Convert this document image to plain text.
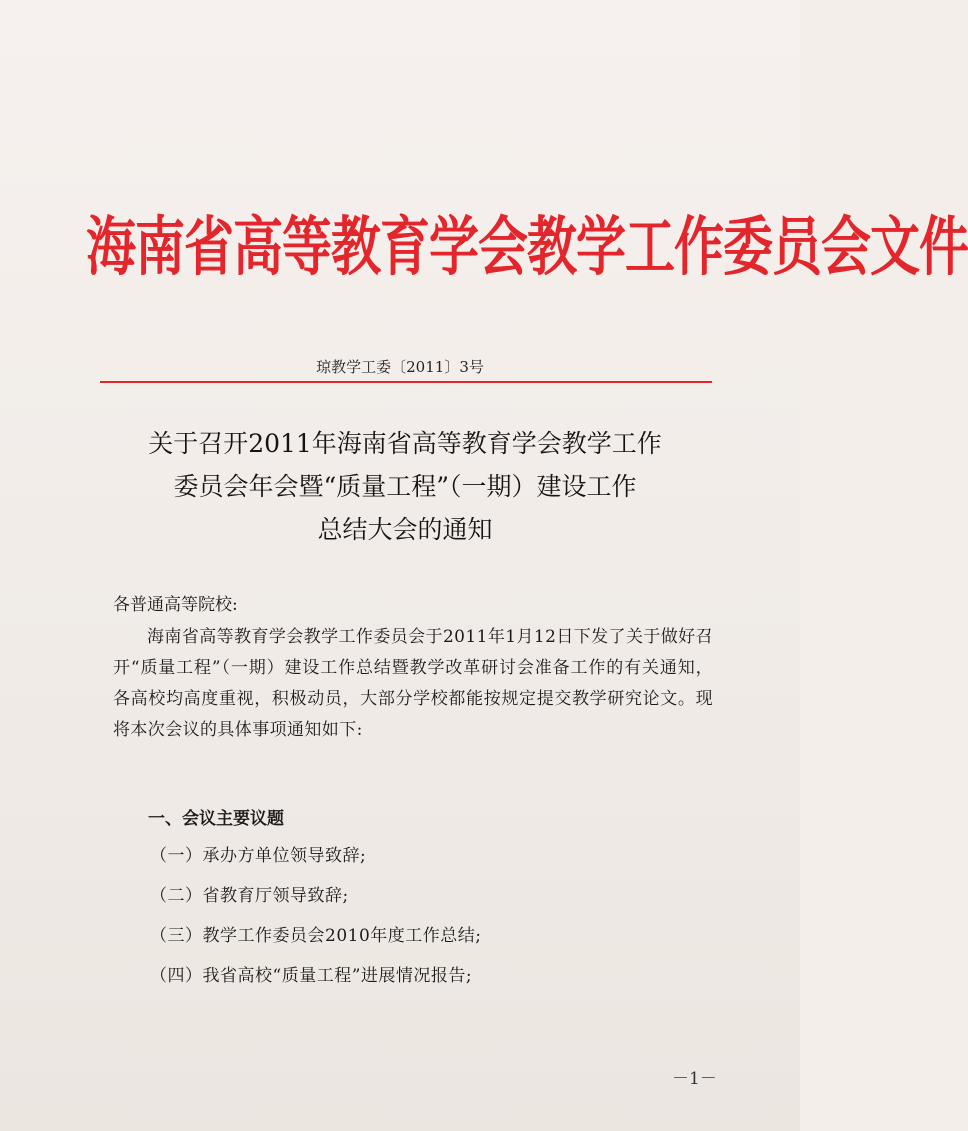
海南省高等教育学会教学工作委员会文件
琼教学工委〔2011〕3号
关于召开2011年海南省高等教育学会教学工作
委员会年会暨“质量工程”（一期）建设工作
总结大会的通知
各普通高等院校:

海南省高等教育学会教学工作委员会于2011年1月12日下发了关于做好召开“质量工程”（一期）建设工作总结暨教学改革研讨会准备工作的有关通知，各高校均高度重视，积极动员，大部分学校都能按规定提交教学研究论文。现将本次会议的具体事项通知如下:

一、会议主要议题
（一）承办方单位领导致辞;
（二）省教育厅领导致辞;
（三）教学工作委员会2010年度工作总结;
（四）我省高校“质量工程”进展情况报告;
－1－
